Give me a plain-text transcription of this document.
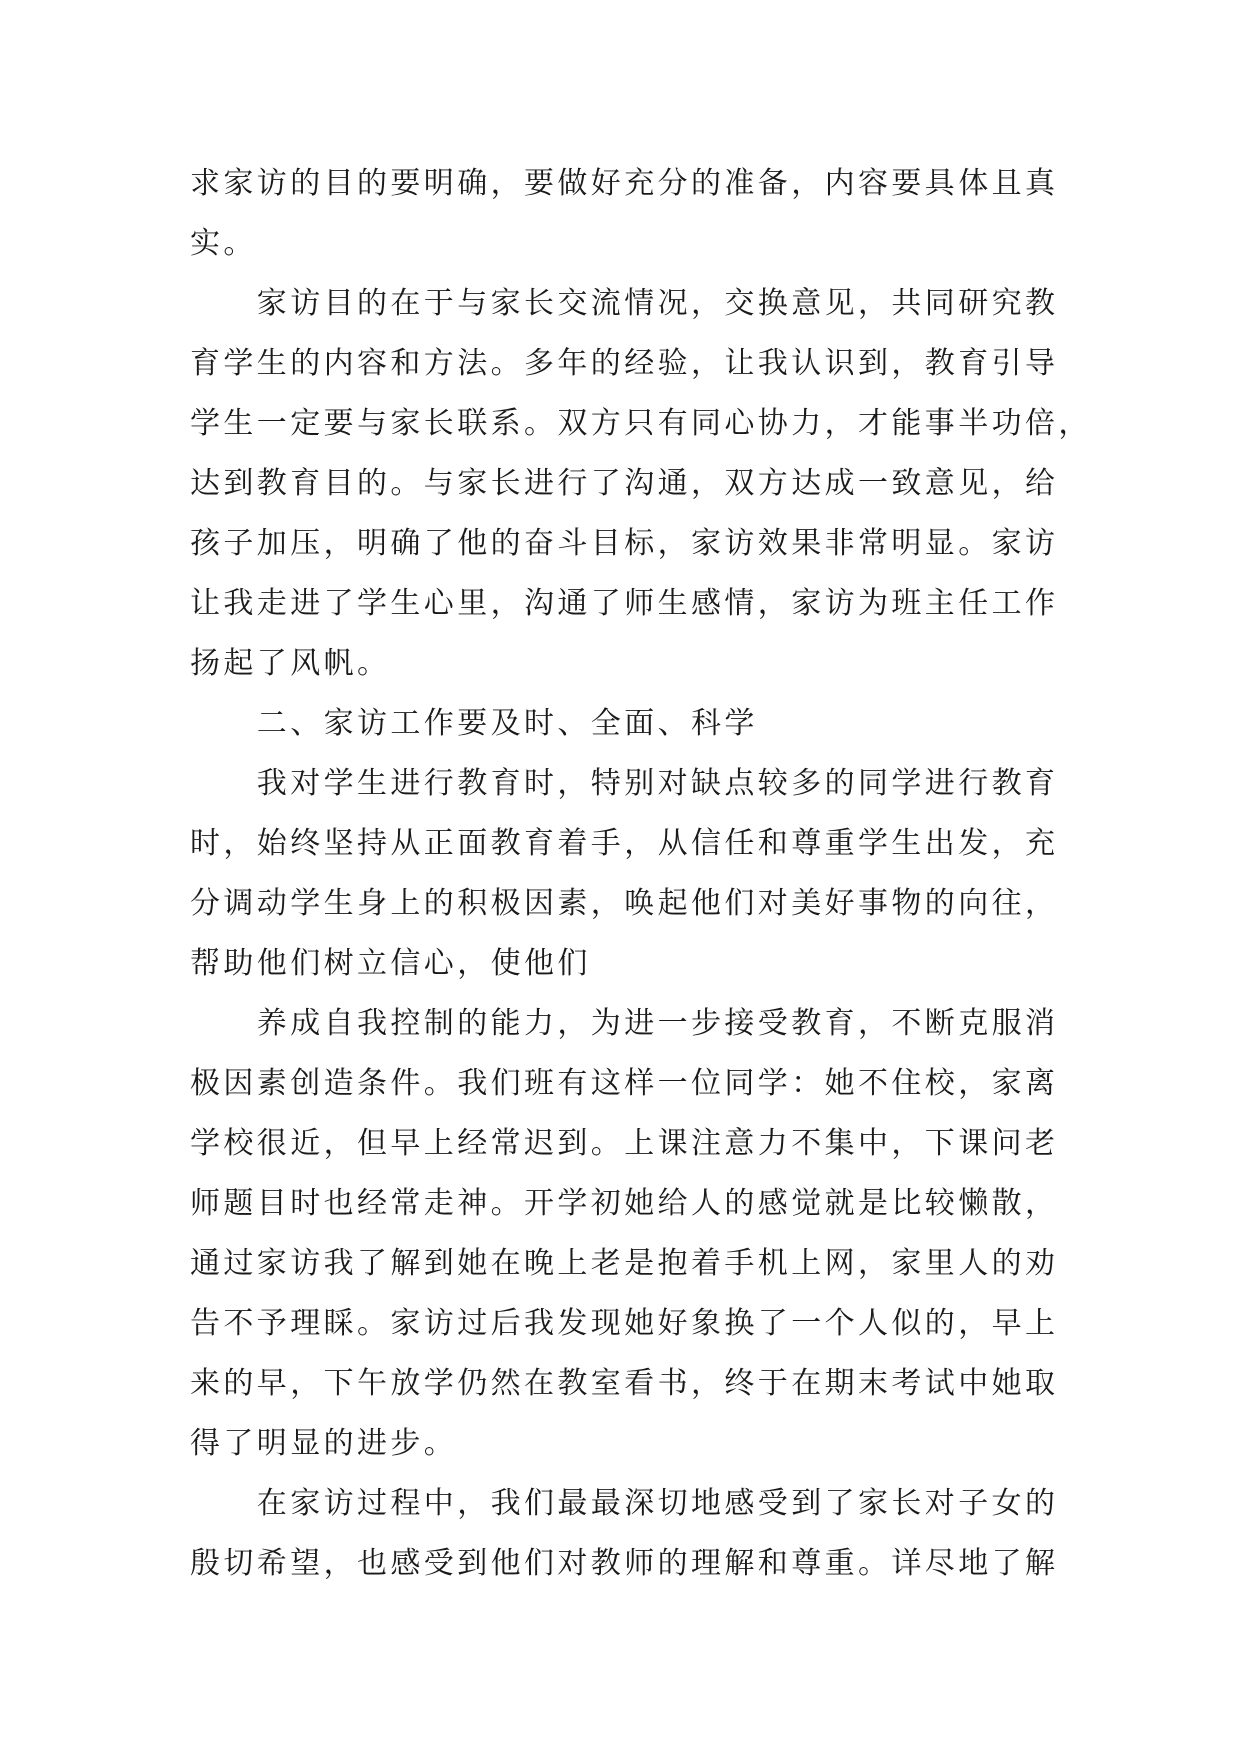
求家访的目的要明确，要做好充分的准备，内容要具体且真
实。
　　家访目的在于与家长交流情况，交换意见，共同研究教
育学生的内容和方法。多年的经验，让我认识到，教育引导
学生一定要与家长联系。双方只有同心协力，才能事半功倍，
达到教育目的。与家长进行了沟通，双方达成一致意见，给
孩子加压，明确了他的奋斗目标，家访效果非常明显。家访
让我走进了学生心里，沟通了师生感情，家访为班主任工作
扬起了风帆。
　　二、家访工作要及时、全面、科学
　　我对学生进行教育时，特别对缺点较多的同学进行教育
时，始终坚持从正面教育着手，从信任和尊重学生出发，充
分调动学生身上的积极因素，唤起他们对美好事物的向往，
帮助他们树立信心，使他们
　　养成自我控制的能力，为进一步接受教育，不断克服消
极因素创造条件。我们班有这样一位同学：她不住校，家离
学校很近，但早上经常迟到。上课注意力不集中，下课问老
师题目时也经常走神。开学初她给人的感觉就是比较懒散，
通过家访我了解到她在晚上老是抱着手机上网，家里人的劝
告不予理睬。家访过后我发现她好象换了一个人似的，早上
来的早，下午放学仍然在教室看书，终于在期末考试中她取
得了明显的进步。
　　在家访过程中，我们最最深切地感受到了家长对子女的
殷切希望，也感受到他们对教师的理解和尊重。详尽地了解
